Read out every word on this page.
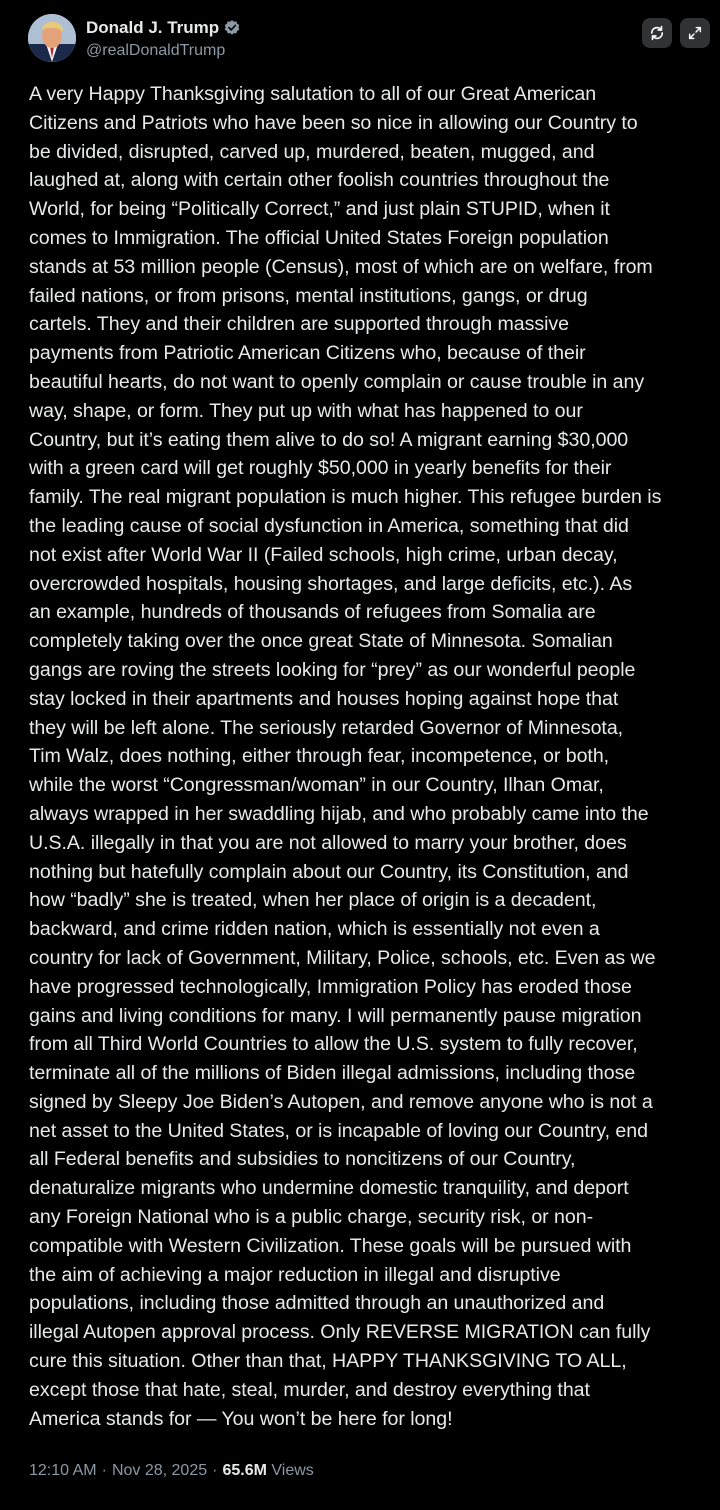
Donald J. Trump
@realDonaldTrump
A very Happy Thanksgiving salutation to all of our Great American
Citizens and Patriots who have been so nice in allowing our Country to
be divided, disrupted, carved up, murdered, beaten, mugged, and
laughed at, along with certain other foolish countries throughout the
World, for being “Politically Correct,” and just plain STUPID, when it
comes to Immigration. The official United States Foreign population
stands at 53 million people (Census), most of which are on welfare, from
failed nations, or from prisons, mental institutions, gangs, or drug
cartels. They and their children are supported through massive
payments from Patriotic American Citizens who, because of their
beautiful hearts, do not want to openly complain or cause trouble in any
way, shape, or form. They put up with what has happened to our
Country, but it’s eating them alive to do so! A migrant earning $30,000
with a green card will get roughly $50,000 in yearly benefits for their
family. The real migrant population is much higher. This refugee burden is
the leading cause of social dysfunction in America, something that did
not exist after World War II (Failed schools, high crime, urban decay,
overcrowded hospitals, housing shortages, and large deficits, etc.). As
an example, hundreds of thousands of refugees from Somalia are
completely taking over the once great State of Minnesota. Somalian
gangs are roving the streets looking for “prey” as our wonderful people
stay locked in their apartments and houses hoping against hope that
they will be left alone. The seriously retarded Governor of Minnesota,
Tim Walz, does nothing, either through fear, incompetence, or both,
while the worst “Congressman/woman” in our Country, Ilhan Omar,
always wrapped in her swaddling hijab, and who probably came into the
U.S.A. illegally in that you are not allowed to marry your brother, does
nothing but hatefully complain about our Country, its Constitution, and
how “badly” she is treated, when her place of origin is a decadent,
backward, and crime ridden nation, which is essentially not even a
country for lack of Government, Military, Police, schools, etc. Even as we
have progressed technologically, Immigration Policy has eroded those
gains and living conditions for many. I will permanently pause migration
from all Third World Countries to allow the U.S. system to fully recover,
terminate all of the millions of Biden illegal admissions, including those
signed by Sleepy Joe Biden’s Autopen, and remove anyone who is not a
net asset to the United States, or is incapable of loving our Country, end
all Federal benefits and subsidies to noncitizens of our Country,
denaturalize migrants who undermine domestic tranquility, and deport
any Foreign National who is a public charge, security risk, or non-
compatible with Western Civilization. These goals will be pursued with
the aim of achieving a major reduction in illegal and disruptive
populations, including those admitted through an unauthorized and
illegal Autopen approval process. Only REVERSE MIGRATION can fully
cure this situation. Other than that, HAPPY THANKSGIVING TO ALL,
except those that hate, steal, murder, and destroy everything that
America stands for — You won’t be here for long!
12:10 AM · Nov 28, 2025 · 65.6M Views
